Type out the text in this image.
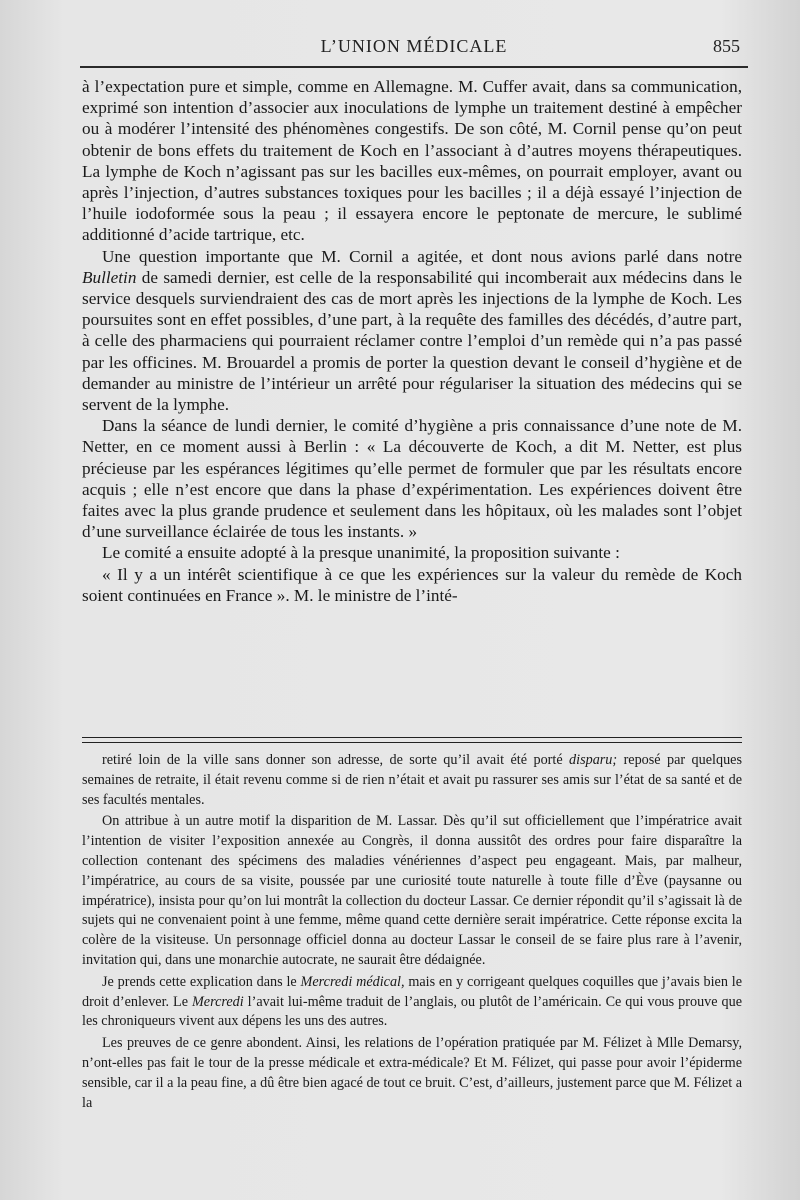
L’UNION MÉDICALE	855

à l’expectation pure et simple, comme en Allemagne. M. Cuffer avait, dans sa communication, exprimé son intention d’associer aux inoculations de lymphe un traitement destiné à empêcher ou à modérer l’intensité des phénomènes congestifs. De son côté, M. Cornil pense qu’on peut obtenir de bons effets du traitement de Koch en l’associant à d’autres moyens thérapeutiques. La lymphe de Koch n’agissant pas sur les bacilles eux-mêmes, on pourrait employer, avant ou après l’injection, d’autres substances toxiques pour les bacilles ; il a déjà essayé l’injection de l’huile iodoformée sous la peau ; il essayera encore le peptonate de mercure, le sublimé additionné d’acide tartrique, etc.

Une question importante que M. Cornil a agitée, et dont nous avions parlé dans notre Bulletin de samedi dernier, est celle de la responsabilité qui incomberait aux médecins dans le service desquels surviendraient des cas de mort après les injections de la lymphe de Koch. Les poursuites sont en effet possibles, d’une part, à la requête des familles des décédés, d’autre part, à celle des pharmaciens qui pourraient réclamer contre l’emploi d’un remède qui n’a pas passé par les officines. M. Brouardel a promis de porter la question devant le conseil d’hygiène et de demander au ministre de l’intérieur un arrêté pour régulariser la situation des médecins qui se servent de la lymphe.

Dans la séance de lundi dernier, le comité d’hygiène a pris connaissance d’une note de M. Netter, en ce moment aussi à Berlin : « La découverte de Koch, a dit M. Netter, est plus précieuse par les espérances légitimes qu’elle permet de formuler que par les résultats encore acquis ; elle n’est encore que dans la phase d’expérimentation. Les expériences doivent être faites avec la plus grande prudence et seulement dans les hôpitaux, où les malades sont l’objet d’une surveillance éclairée de tous les instants. »

Le comité a ensuite adopté à la presque unanimité, la proposition suivante :

« Il y a un intérêt scientifique à ce que les expériences sur la valeur du remède de Koch soient continuées en France ». M. le ministre de l’inté-

retiré loin de la ville sans donner son adresse, de sorte qu’il avait été porté disparu; reposé par quelques semaines de retraite, il était revenu comme si de rien n’était et avait pu rassurer ses amis sur l’état de sa santé et de ses facultés mentales.

On attribue à un autre motif la disparition de M. Lassar. Dès qu’il sut officiellement que l’impératrice avait l’intention de visiter l’exposition annexée au Congrès, il donna aussitôt des ordres pour faire disparaître la collection contenant des spécimens des maladies vénériennes d’aspect peu engageant. Mais, par malheur, l’impératrice, au cours de sa visite, poussée par une curiosité toute naturelle à toute fille d’Ève (paysanne ou impératrice), insista pour qu’on lui montrât la collection du docteur Lassar. Ce dernier répondit qu’il s’agissait là de sujets qui ne convenaient point à une femme, même quand cette dernière serait impératrice. Cette réponse excita la colère de la visiteuse. Un personnage officiel donna au docteur Lassar le conseil de se faire plus rare à l’avenir, invitation qui, dans une monarchie autocrate, ne saurait être dédaignée.

Je prends cette explication dans le Mercredi médical, mais en y corrigeant quelques coquilles que j’avais bien le droit d’enlever. Le Mercredi l’avait lui-même traduit de l’anglais, ou plutôt de l’américain. Ce qui vous prouve que les chroniqueurs vivent aux dépens les uns des autres.

Les preuves de ce genre abondent. Ainsi, les relations de l’opération pratiquée par M. Félizet à Mlle Demarsy, n’ont-elles pas fait le tour de la presse médicale et extra-médicale? Et M. Félizet, qui passe pour avoir l’épiderme sensible, car il a la peau fine, a dû être bien agacé de tout ce bruit. C’est, d’ailleurs, justement parce que M. Félizet a la
